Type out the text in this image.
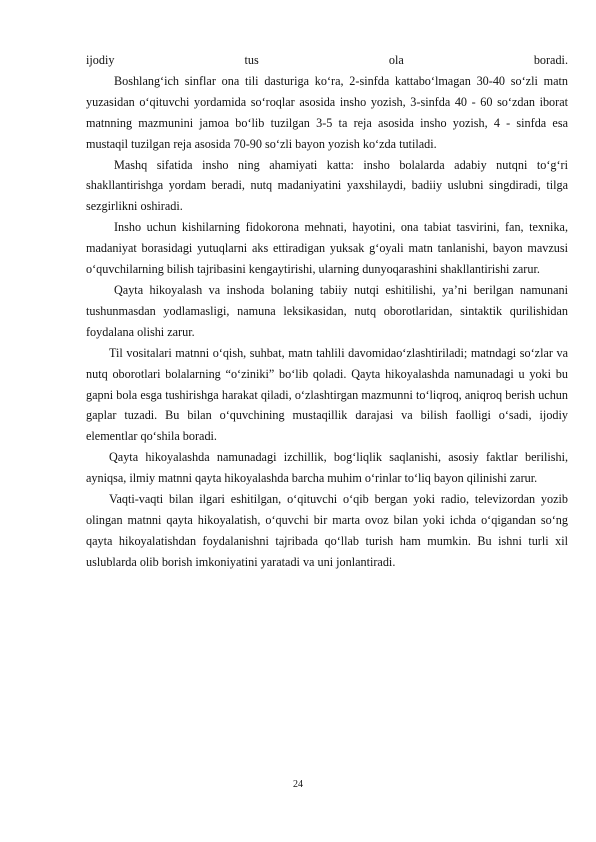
ijodiy	tus	ola	boradi.

Boshlang‘ich sinflar ona tili dasturiga ko‘ra, 2-sinfda kattabo‘lmagan 30-40 so‘zli matn yuzasidan o‘qituvchi yordamida so‘roqlar asosida insho yozish, 3-sinfda 40 - 60 so‘zdan iborat matnning mazmunini jamoa bo‘lib tuzilgan 3-5 ta reja asosida insho yozish, 4 - sinfda esa mustaqil tuzilgan reja asosida 70-90 so‘zli bayon yozish ko‘zda tutiladi.

Mashq sifatida insho ning ahamiyati katta: insho bolalarda adabiy nutqni to‘g‘ri shakllantirishga yordam beradi, nutq madaniyatini yaxshilaydi, badiiy uslubni singdiradi, tilga sezgirlikni oshiradi.

Insho uchun kishilarning fidokorona mehnati, hayotini, ona tabiat tasvirini, fan, texnika, madaniyat borasidagi yutuqlarni aks ettiradigan yuksak g‘oyali matn tanlanishi, bayon mavzusi o‘quvchilarning bilish tajribasini kengaytirishi, ularning dunyoqarashini shakllantirishi zarur.

Qayta hikoyalash va inshoda bolaning tabiiy nutqi eshitilishi, ya’ni berilgan namunani tushunmasdan yodlamasligi, namuna leksikasidan, nutq oborotlaridan, sintaktik qurilishidan foydalana olishi zarur.

Til vositalari matnni o‘qish, suhbat, matn tahlili davomidao‘zlashtiriladi; matndagi so‘zlar va nutq oborotlari bolalarning “o‘ziniki” bo‘lib qoladi. Qayta hikoyalashda namunadagi u yoki bu gapni bola esga tushirishga harakat qiladi, o‘zlashtirgan mazmunni to‘liqroq, aniqroq berish uchun gaplar tuzadi. Bu bilan o‘quvchining mustaqillik darajasi va bilish faolligi o‘sadi, ijodiy elementlar qo‘shila boradi.

Qayta hikoyalashda namunadagi izchillik, bog‘liqlik saqlanishi, asosiy faktlar berilishi, ayniqsa, ilmiy matnni qayta hikoyalashda barcha muhim o‘rinlar to‘liq bayon qilinishi zarur.

Vaqti-vaqti bilan ilgari eshitilgan, o‘qituvchi o‘qib bergan yoki radio, televizordan yozib olingan matnni qayta hikoyalatish, o‘quvchi bir marta ovoz bilan yoki ichda o‘qigandan so‘ng qayta hikoyalatishdan foydalanishni tajribada qo‘llab turish ham mumkin. Bu ishni turli xil uslublarda olib borish imkoniyatini yaratadi va uni jonlantiradi.

24
